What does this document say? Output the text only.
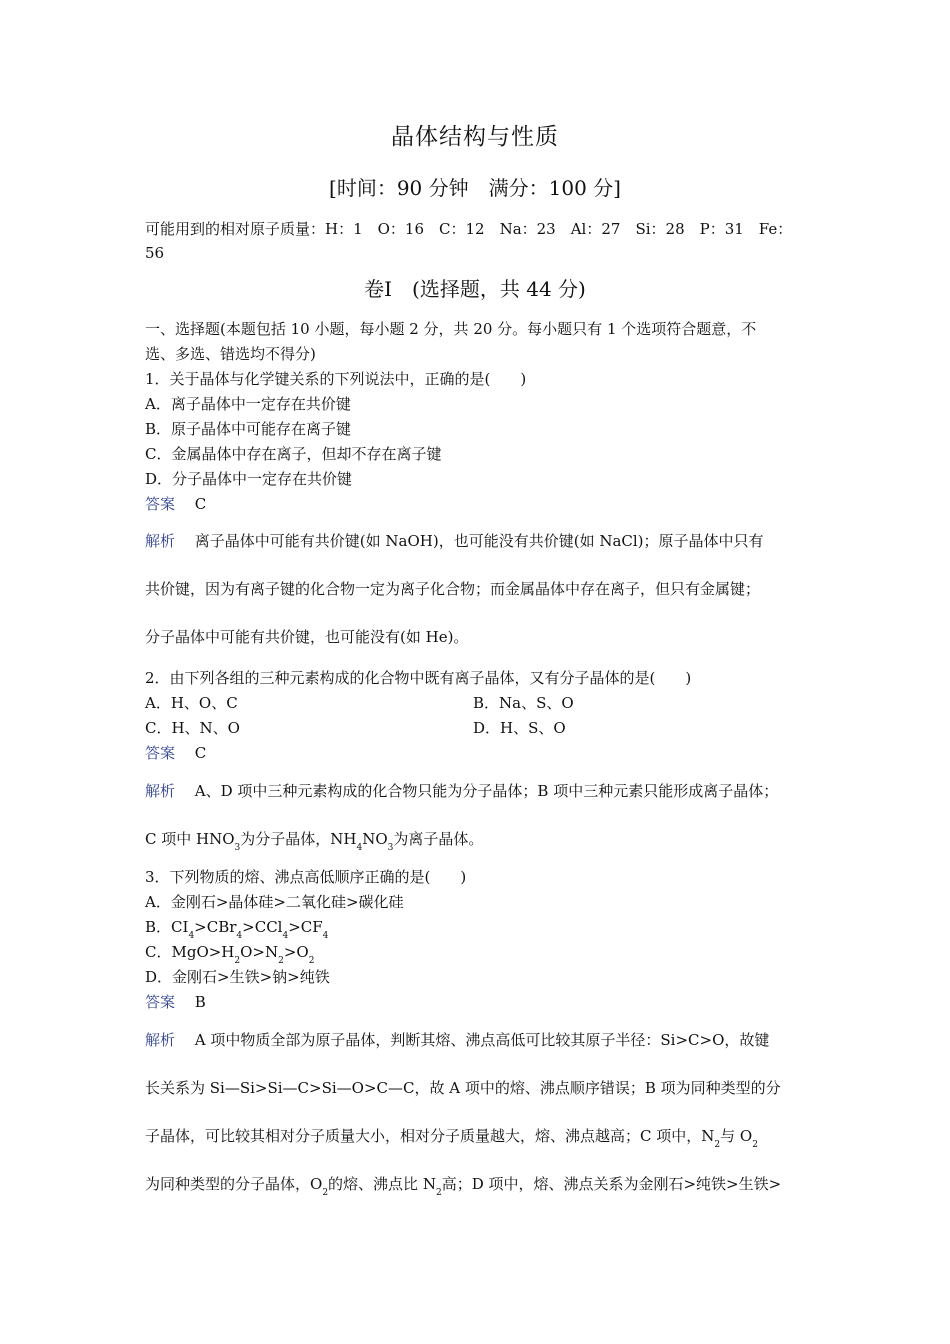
晶体结构与性质
[时间：90 分钟　满分：100 分]
可能用到的相对原子质量：H：1　O：16　C：12　Na：23　Al：27　Si：28　P：31　Fe：
56
卷Ⅰ　(选择题，共 44 分)
一、选择题(本题包括 10 小题，每小题 2 分，共 20 分。每小题只有 1 个选项符合题意，不
选、多选、错选均不得分)
1．关于晶体与化学键关系的下列说法中，正确的是(　　)
A．离子晶体中一定存在共价键
B．原子晶体中可能存在离子键
C．金属晶体中存在离子，但却不存在离子键
D．分子晶体中一定存在共价键
答案　 C
解析　 离子晶体中可能有共价键(如 NaOH)，也可能没有共价键(如 NaCl)；原子晶体中只有
共价键，因为有离子键的化合物一定为离子化合物；而金属晶体中存在离子，但只有金属键；
分子晶体中可能有共价键，也可能没有(如 He)。
2．由下列各组的三种元素构成的化合物中既有离子晶体，又有分子晶体的是(　　)
A．H、O、C	B．Na、S、O
C．H、N、O	D．H、S、O
答案　 C
解析　 A、D 项中三种元素构成的化合物只能为分子晶体；B 项中三种元素只能形成离子晶体；
C 项中 $HNO_3$为分子晶体，$NH_4NO_3$为离子晶体。
3．下列物质的熔、沸点高低顺序正确的是(　　)
A．金刚石>晶体硅>二氧化硅>碳化硅
B．$CI_4>CBr_4>CCl_4>CF_4$
C．$MgO>H_2O>N_2>O_2$
D．金刚石>生铁>钠>纯铁
答案　 B
解析　 A 项中物质全部为原子晶体，判断其熔、沸点高低可比较其原子半径：Si>C>O，故键
长关系为 Si—Si>Si—C>Si—O>C—C，故 A 项中的熔、沸点顺序错误；B 项为同种类型的分
子晶体，可比较其相对分子质量大小，相对分子质量越大，熔、沸点越高；C 项中，$N_2$与 $O_2$
为同种类型的分子晶体，$O_2$的熔、沸点比 $N_2$高；D 项中，熔、沸点关系为金刚石>纯铁>生铁>
